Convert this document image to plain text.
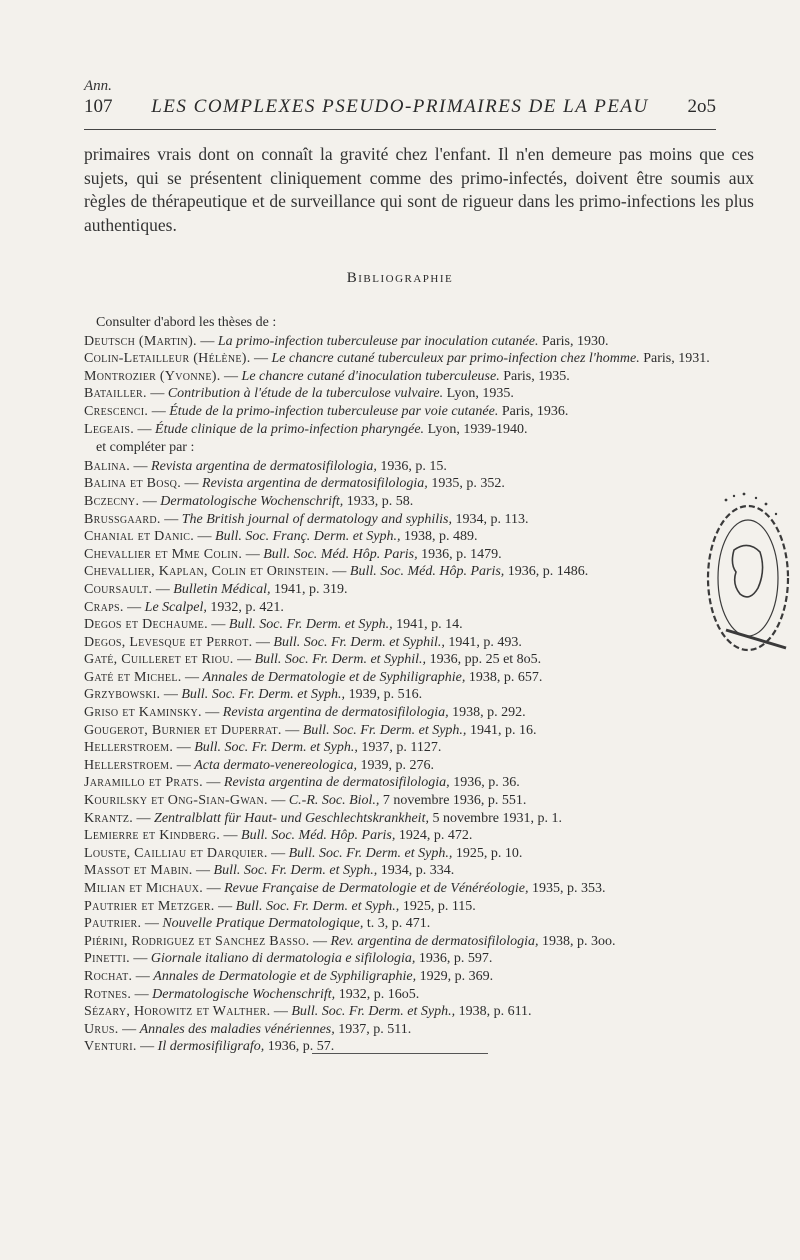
Ann.
107	LES COMPLEXES PSEUDO-PRIMAIRES DE LA PEAU	2o5
primaires vrais dont on connaît la gravité chez l'enfant. Il n'en demeure pas moins que ces sujets, qui se présentent cliniquement comme des primo-infectés, doivent être soumis aux règles de thérapeutique et de surveillance qui sont de rigueur dans les primo-infections les plus authentiques.
Bibliographie
Consulter d'abord les thèses de :
Deutsch (Martin). — La primo-infection tuberculeuse par inoculation cutanée. Paris, 1930.
Colin-Letailleur (Hélène). — Le chancre cutané tuberculeux par primo-infection chez l'homme. Paris, 1931.
Montrozier (Yvonne). — Le chancre cutané d'inoculation tuberculeuse. Paris, 1935.
Batailler. — Contribution à l'étude de la tuberculose vulvaire. Lyon, 1935.
Crescenci. — Étude de la primo-infection tuberculeuse par voie cutanée. Paris, 1936.
Legeais. — Étude clinique de la primo-infection pharyngée. Lyon, 1939-1940.
et compléter par :
Balina. — Revista argentina de dermatosifilologia, 1936, p. 15.
Balina et Bosq. — Revista argentina de dermatosifilologia, 1935, p. 352.
Bczecny. — Dermatologische Wochenschrift, 1933, p. 58.
Brussgaard. — The British journal of dermatology and syphilis, 1934, p. 113.
Chanial et Danic. — Bull. Soc. Franç. Derm. et Syph., 1938, p. 489.
Chevallier et Mme Colin. — Bull. Soc. Méd. Hôp. Paris, 1936, p. 1479.
Chevallier, Kaplan, Colin et Orinstein. — Bull. Soc. Méd. Hôp. Paris, 1936, p. 1486.
Coursault. — Bulletin Médical, 1941, p. 319.
Craps. — Le Scalpel, 1932, p. 421.
Degos et Dechaume. — Bull. Soc. Fr. Derm. et Syph., 1941, p. 14.
Degos, Levesque et Perrot. — Bull. Soc. Fr. Derm. et Syphil., 1941, p. 493.
Gaté, Cuilleret et Riou. — Bull. Soc. Fr. Derm. et Syphil., 1936, pp. 25 et 8o5.
Gaté et Michel. — Annales de Dermatologie et de Syphiligraphie, 1938, p. 657.
Grzybowski. — Bull. Soc. Fr. Derm. et Syph., 1939, p. 516.
Griso et Kaminsky. — Revista argentina de dermatosifilologia, 1938, p. 292.
Gougerot, Burnier et Duperrat. — Bull. Soc. Fr. Derm. et Syph., 1941, p. 16.
Hellerstroem. — Bull. Soc. Fr. Derm. et Syph., 1937, p. 1127.
Hellerstroem. — Acta dermato-venereologica, 1939, p. 276.
Jaramillo et Prats. — Revista argentina de dermatosifilologia, 1936, p. 36.
Kourilsky et Ong-Sian-Gwan. — C.-R. Soc. Biol., 7 novembre 1936, p. 551.
Krantz. — Zentralblatt für Haut- und Geschlechtskrankheit, 5 novembre 1931, p. 1.
Lemierre et Kindberg. — Bull. Soc. Méd. Hôp. Paris, 1924, p. 472.
Louste, Cailliau et Darquier. — Bull. Soc. Fr. Derm. et Syph., 1925, p. 10.
Massot et Mabin. — Bull. Soc. Fr. Derm. et Syph., 1934, p. 334.
Milian et Michaux. — Revue Française de Dermatologie et de Vénéréologie, 1935, p. 353.
Pautrier et Metzger. — Bull. Soc. Fr. Derm. et Syph., 1925, p. 115.
Pautrier. — Nouvelle Pratique Dermatologique, t. 3, p. 471.
Piérini, Rodriguez et Sanchez Basso. — Rev. argentina de dermatosifilologia, 1938, p. 3oo.
Pinetti. — Giornale italiano di dermatologia e sifilologia, 1936, p. 597.
Rochat. — Annales de Dermatologie et de Syphiligraphie, 1929, p. 369.
Rotnes. — Dermatologische Wochenschrift, 1932, p. 16o5.
Sézary, Horowitz et Walther. — Bull. Soc. Fr. Derm. et Syph., 1938, p. 611.
Urus. — Annales des maladies vénériennes, 1937, p. 511.
Venturi. — Il dermosifiligrafo, 1936, p. 57.
